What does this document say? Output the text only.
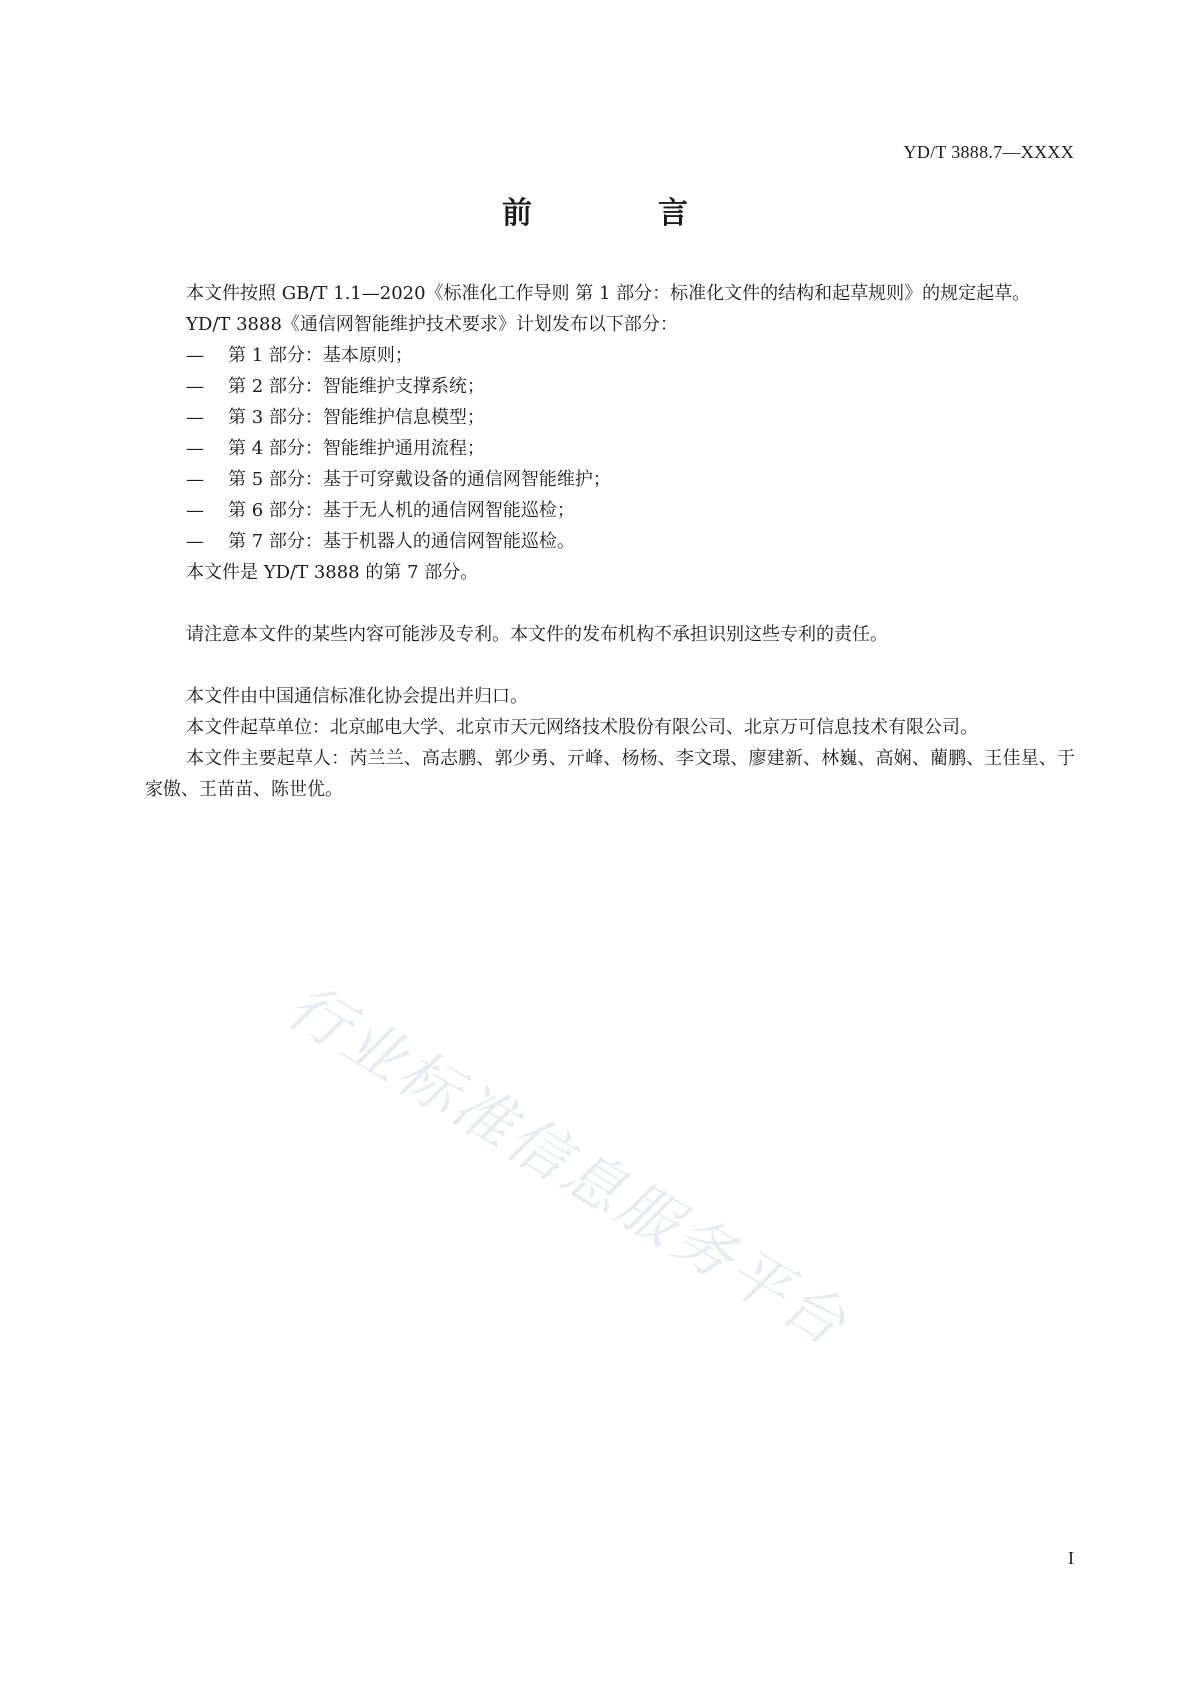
YD/T 3888.7—XXXX
前　言

本文件按照 GB/T 1.1—2020《标准化工作导则 第 1 部分：标准化文件的结构和起草规则》的规定起草。

YD/T 3888《通信网智能维护技术要求》计划发布以下部分：

—	第 1 部分：基本原则；
—	第 2 部分：智能维护支撑系统；
—	第 3 部分：智能维护信息模型；
—	第 4 部分：智能维护通用流程；
—	第 5 部分：基于可穿戴设备的通信网智能维护；
—	第 6 部分：基于无人机的通信网智能巡检；
—	第 7 部分：基于机器人的通信网智能巡检。

本文件是 YD/T 3888 的第 7 部分。

请注意本文件的某些内容可能涉及专利。本文件的发布机构不承担识别这些专利的责任。

本文件由中国通信标准化协会提出并归口。

本文件起草单位：北京邮电大学、北京市天元网络技术股份有限公司、北京万可信息技术有限公司。

本文件主要起草人：芮兰兰、高志鹏、郭少勇、亓峰、杨杨、李文璟、廖建新、林巍、高娴、藺鹏、王佳星、于家傲、王苗苗、陈世优。

行业标准信息服务平台
I
